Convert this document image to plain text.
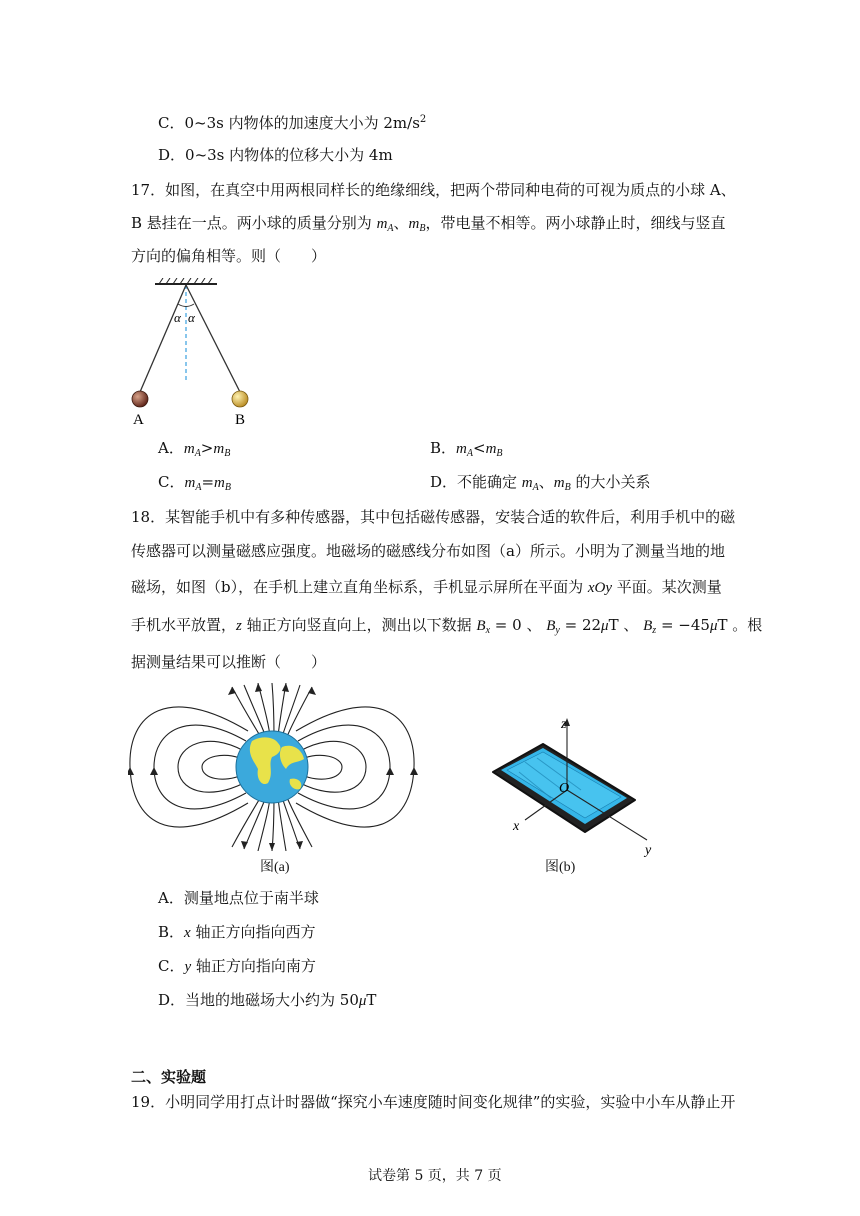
C．0~3s 内物体的加速度大小为 $2m/s^2$
D．0~3s 内物体的位移大小为 4m
17．如图，在真空中用两根同样长的绝缘细线，把两个带同种电荷的可视为质点的小球 A、
B 悬挂在一点。两小球的质量分别为 $m_A$、$m_B$，带电量不相等。两小球静止时，细线与竖直
方向的偏角相等。则（　　）
α α
A	B
A．$m_A>m_B$	B．$m_A<m_B$
C．$m_A=m_B$	D．不能确定 $m_A$、$m_B$ 的大小关系
18．某智能手机中有多种传感器，其中包括磁传感器，安装合适的软件后，利用手机中的磁
传感器可以测量磁感应强度。地磁场的磁感线分布如图（a）所示。小明为了测量当地的地
磁场，如图（b），在手机上建立直角坐标系，手机显示屏所在平面为 xOy 平面。某次测量
手机水平放置，z 轴正方向竖直向上，测出以下数据 $B_x = 0$ 、 $B_y = 22\mu T$ 、 $B_z = -45\mu T$ 。根
据测量结果可以推断（　　）
图(a)
z
O
x
y
图(b)
A．测量地点位于南半球
B．x 轴正方向指向西方
C．y 轴正方向指向南方
D．当地的地磁场大小约为 50μT
二、实验题
19．小明同学用打点计时器做“探究小车速度随时间变化规律”的实验，实验中小车从静止开
试卷第 5 页，共 7 页
